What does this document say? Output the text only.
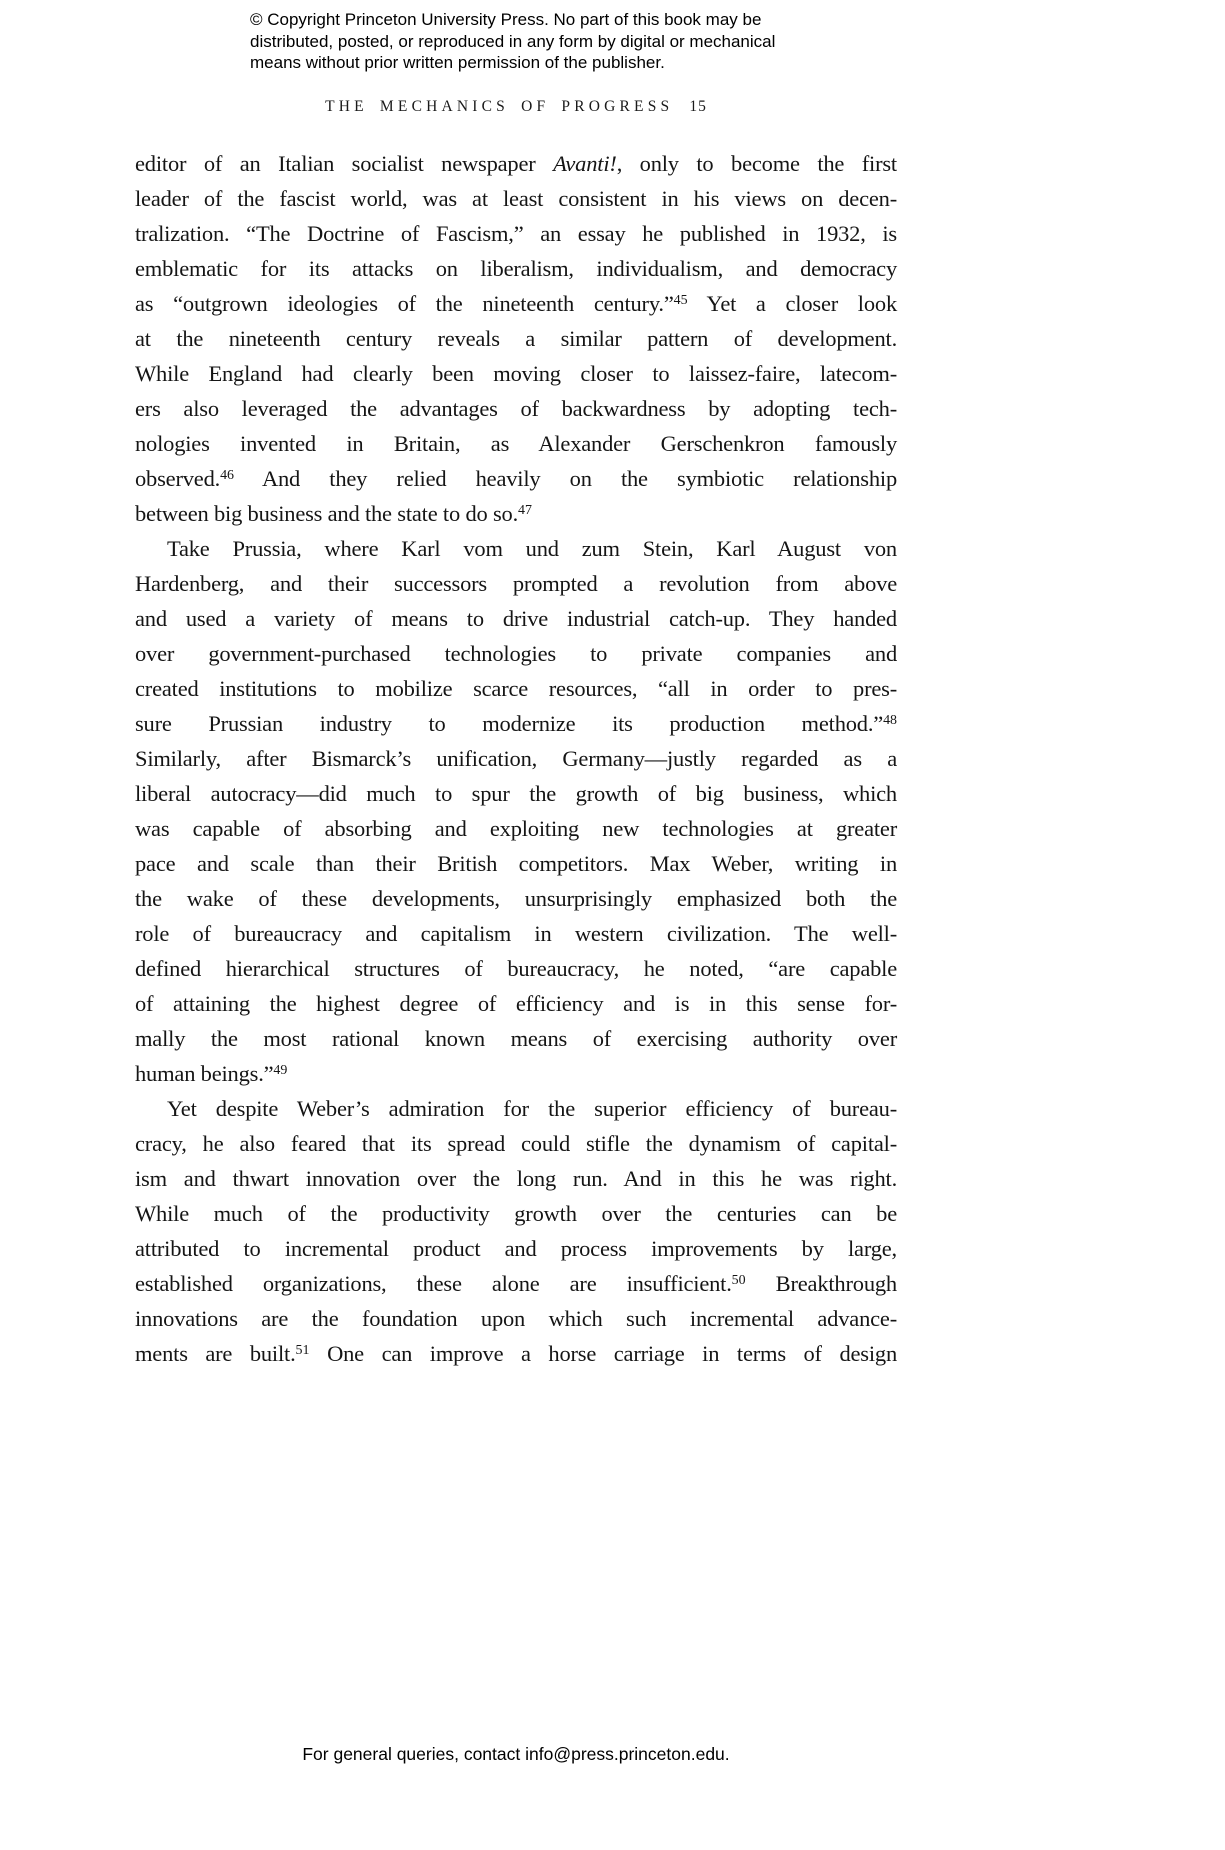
© Copyright Princeton University Press. No part of this book may be
distributed, posted, or reproduced in any form by digital or mechanical
means without prior written permission of the publisher.
THE MECHANICS OF PROGRESS 15
editor of an Italian socialist newspaper Avanti!, only to become the first
leader of the fascist world, was at least consistent in his views on decen-
tralization. “The Doctrine of Fascism,” an essay he published in 1932, is
emblematic for its attacks on liberalism, individualism, and democracy
as “outgrown ideologies of the nineteenth century.”$^{45}$ Yet a closer look
at the nineteenth century reveals a similar pattern of development.
While England had clearly been moving closer to laissez-faire, latecom-
ers also leveraged the advantages of backwardness by adopting tech-
nologies invented in Britain, as Alexander Gerschenkron famously
observed.$^{46}$ And they relied heavily on the symbiotic relationship
between big business and the state to do so.$^{47}$
Take Prussia, where Karl vom und zum Stein, Karl August von
Hardenberg, and their successors prompted a revolution from above
and used a variety of means to drive industrial catch-up. They handed
over government-purchased technologies to private companies and
created institutions to mobilize scarce resources, “all in order to pres-
sure Prussian industry to modernize its production method.”$^{48}$
Similarly, after Bismarck’s unification, Germany—justly regarded as a
liberal autocracy—did much to spur the growth of big business, which
was capable of absorbing and exploiting new technologies at greater
pace and scale than their British competitors. Max Weber, writing in
the wake of these developments, unsurprisingly emphasized both the
role of bureaucracy and capitalism in western civilization. The well-
defined hierarchical structures of bureaucracy, he noted, “are capable
of attaining the highest degree of efficiency and is in this sense for-
mally the most rational known means of exercising authority over
human beings.”$^{49}$
Yet despite Weber’s admiration for the superior efficiency of bureau-
cracy, he also feared that its spread could stifle the dynamism of capital-
ism and thwart innovation over the long run. And in this he was right.
While much of the productivity growth over the centuries can be
attributed to incremental product and process improvements by large,
established organizations, these alone are insufficient.$^{50}$ Breakthrough
innovations are the foundation upon which such incremental advance-
ments are built.$^{51}$ One can improve a horse carriage in terms of design
For general queries, contact info@press.princeton.edu.
